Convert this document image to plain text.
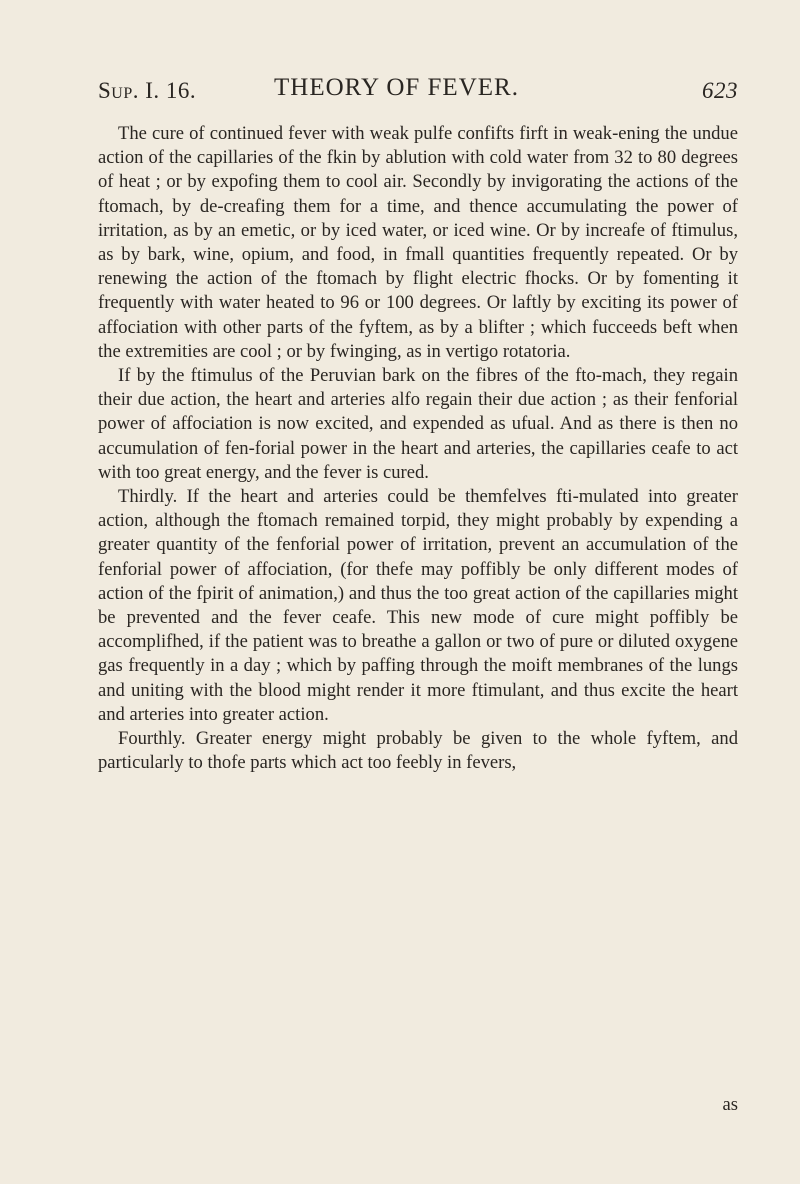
Sup. I. 16.	THEORY OF FEVER.	623

The cure of continued fever with weak pulfe confifts firft in weak-ening the undue action of the capillaries of the fkin by ablution with cold water from 32 to 80 degrees of heat ; or by expofing them to cool air. Secondly by invigorating the actions of the ftomach, by de-creafing them for a time, and thence accumulating the power of irritation, as by an emetic, or by iced water, or iced wine. Or by increafe of ftimulus, as by bark, wine, opium, and food, in fmall quantities frequently repeated. Or by renewing the action of the ftomach by flight electric fhocks. Or by fomenting it frequently with water heated to 96 or 100 degrees. Or laftly by exciting its power of affociation with other parts of the fyftem, as by a blifter ; which fucceeds beft when the extremities are cool ; or by fwinging, as in vertigo rotatoria.

If by the ftimulus of the Peruvian bark on the fibres of the fto-mach, they regain their due action, the heart and arteries alfo regain their due action ; as their fenforial power of affociation is now excited, and expended as ufual. And as there is then no accumulation of fen-forial power in the heart and arteries, the capillaries ceafe to act with too great energy, and the fever is cured.

Thirdly. If the heart and arteries could be themfelves fti-mulated into greater action, although the ftomach remained torpid, they might probably by expending a greater quantity of the fenforial power of irritation, prevent an accumulation of the fenforial power of affociation, (for thefe may poffibly be only different modes of action of the fpirit of animation,) and thus the too great action of the capillaries might be prevented and the fever ceafe. This new mode of cure might poffibly be accomplifhed, if the patient was to breathe a gallon or two of pure or diluted oxygene gas frequently in a day ; which by paffing through the moift membranes of the lungs and uniting with the blood might render it more ftimulant, and thus excite the heart and arteries into greater action.

Fourthly. Greater energy might probably be given to the whole fyftem, and particularly to thofe parts which act too feebly in fevers,

as
